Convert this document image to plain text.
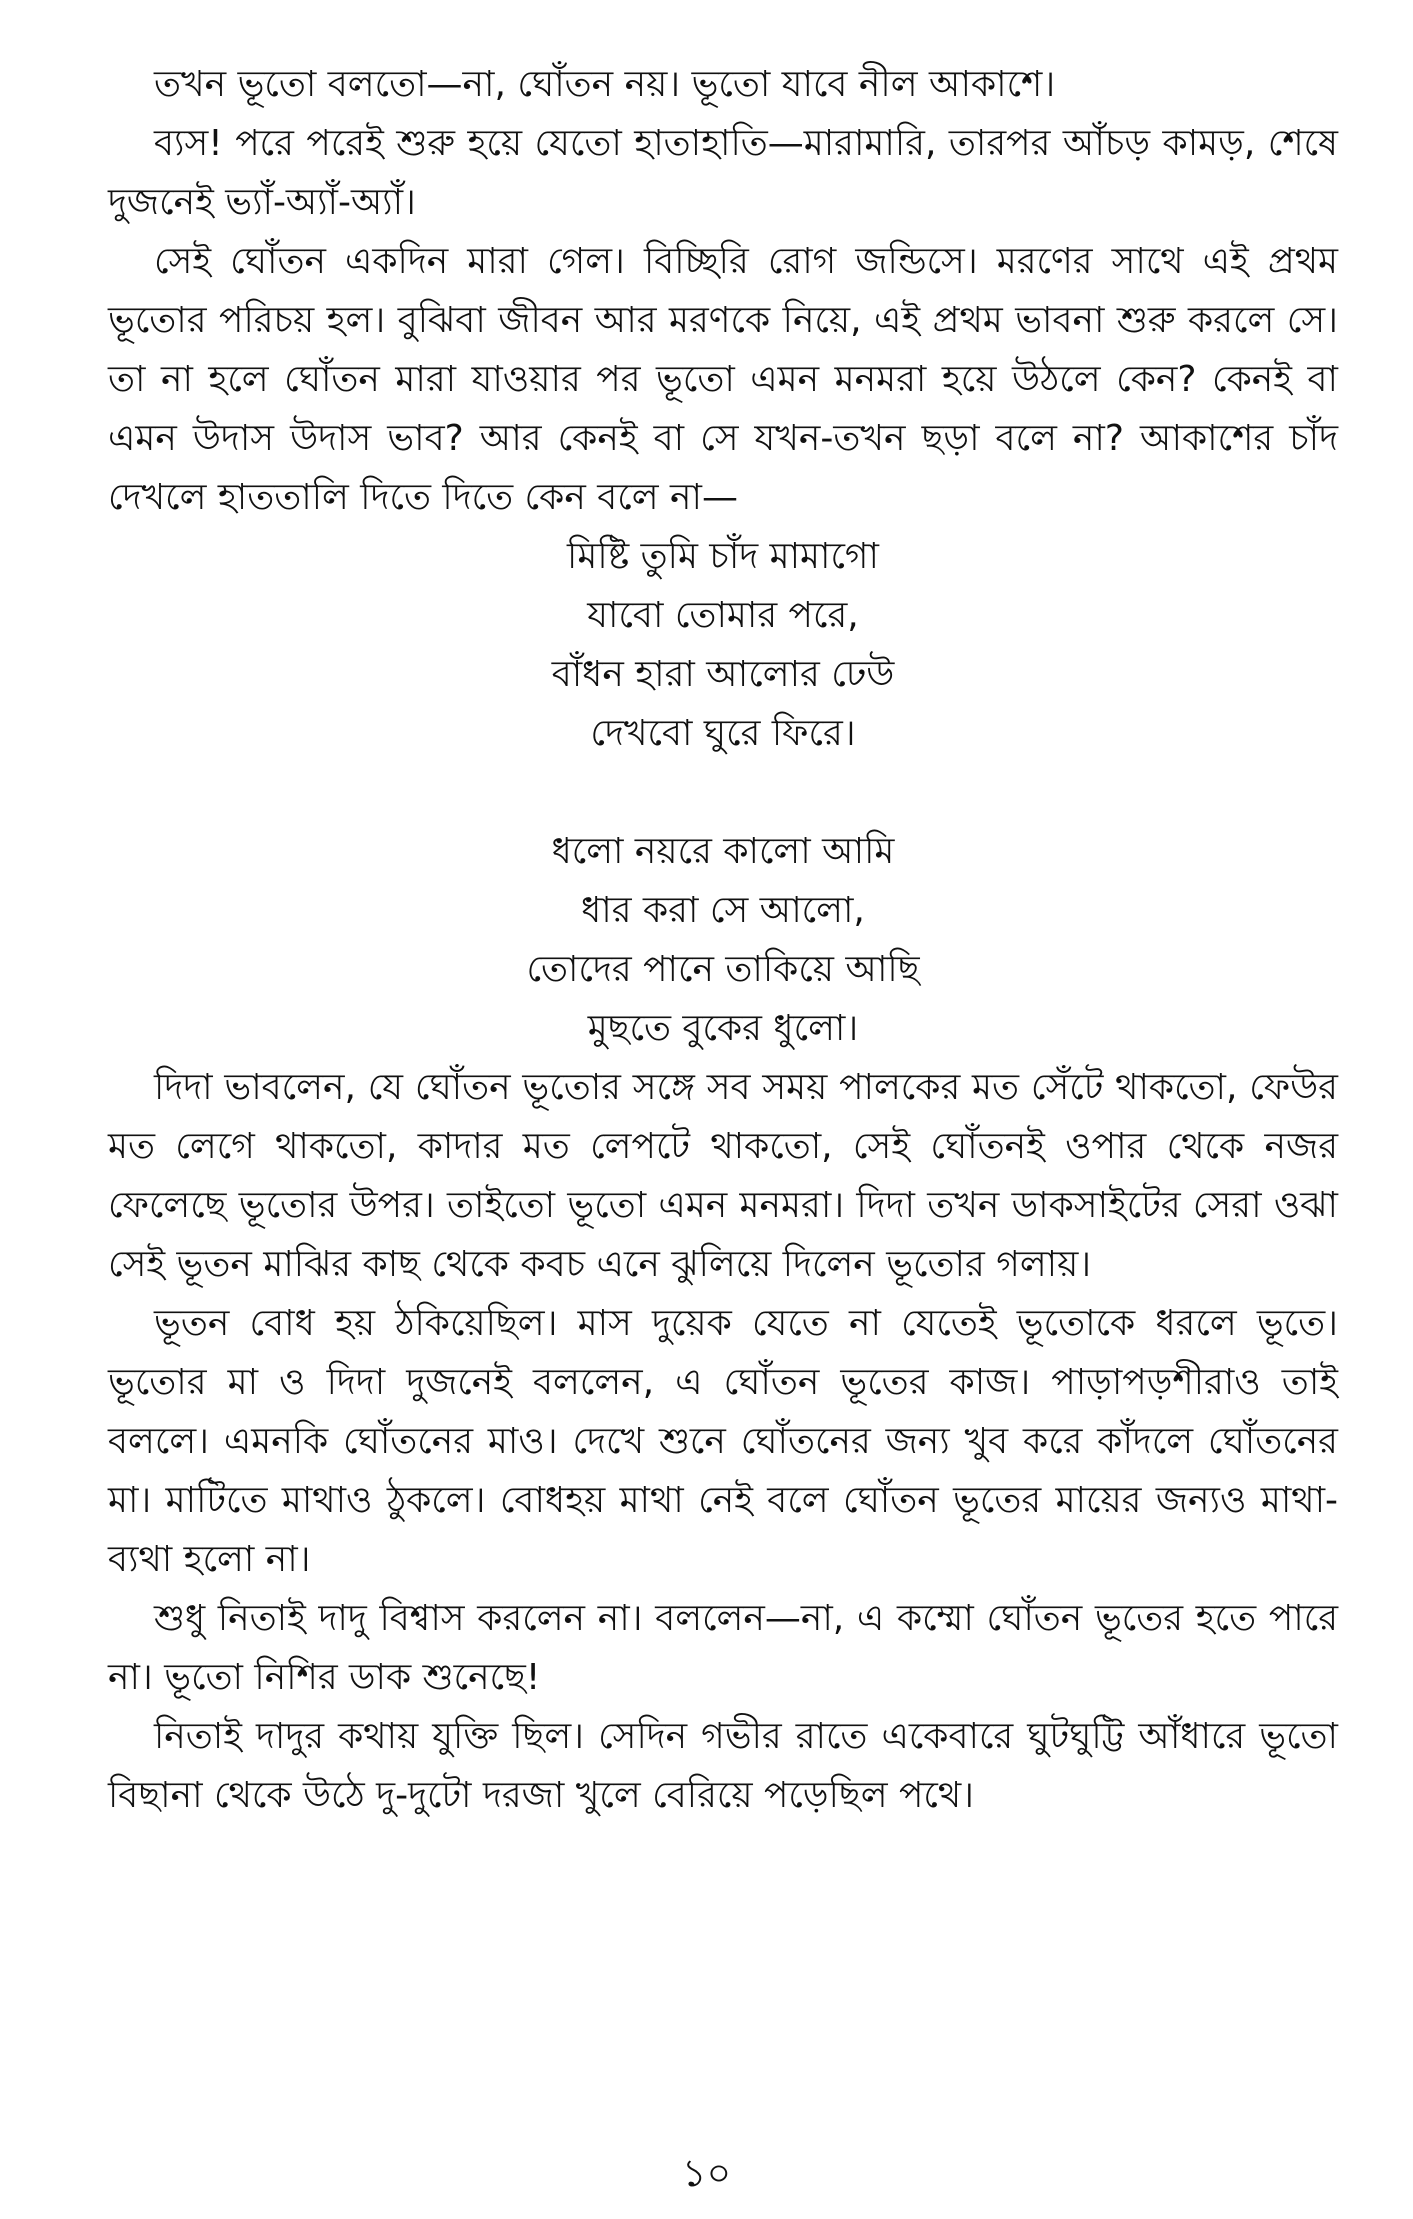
তখন ভূতো বলতো—না, ঘোঁতন নয়। ভূতো যাবে নীল আকাশে।

ব্যস! পরে পরেই শুরু হয়ে যেতো হাতাহাতি—মারামারি, তারপর আঁচড় কামড়, শেষে দুজনেই ভ্যাঁ-অ্যাঁ-অ্যাঁ।

সেই ঘোঁতন একদিন মারা গেল। বিচ্ছিরি রোগ জন্ডিসে। মরণের সাথে এই প্রথম ভূতোর পরিচয় হল। বুঝিবা জীবন আর মরণকে নিয়ে, এই প্রথম ভাবনা শুরু করলে সে। তা না হলে ঘোঁতন মারা যাওয়ার পর ভূতো এমন মনমরা হয়ে উঠলে কেন? কেনই বা এমন উদাস উদাস ভাব? আর কেনই বা সে যখন-তখন ছড়া বলে না? আকাশের চাঁদ দেখলে হাততালি দিতে দিতে কেন বলে না—

মিষ্টি তুমি চাঁদ মামাগো
যাবো তোমার পরে,
বাঁধন হারা আলোর ঢেউ
দেখবো ঘুরে ফিরে।
ধলো নয়রে কালো আমি
ধার করা সে আলো,
তোদের পানে তাকিয়ে আছি
মুছতে বুকের ধুলো।

দিদা ভাবলেন, যে ঘোঁতন ভূতোর সঙ্গে সব সময় পালকের মত সেঁটে থাকতো, ফেউর মত লেগে থাকতো, কাদার মত লেপটে থাকতো, সেই ঘোঁতনই ওপার থেকে নজর ফেলেছে ভূতোর উপর। তাইতো ভূতো এমন মনমরা। দিদা তখন ডাকসাইটের সেরা ওঝা সেই ভূতন মাঝির কাছ থেকে কবচ এনে ঝুলিয়ে দিলেন ভূতোর গলায়।

ভূতন বোধ হয় ঠকিয়েছিল। মাস দুয়েক যেতে না যেতেই ভূতোকে ধরলে ভূতে। ভূতোর মা ও দিদা দুজনেই বললেন, এ ঘোঁতন ভূতের কাজ। পাড়াপড়শীরাও তাই বললে। এমনকি ঘোঁতনের মাও। দেখে শুনে ঘোঁতনের জন্য খুব করে কাঁদলে ঘোঁতনের মা। মাটিতে মাথাও ঠুকলে। বোধহয় মাথা নেই বলে ঘোঁতন ভূতের মায়ের জন্যও মাথা-ব্যথা হলো না।

শুধু নিতাই দাদু বিশ্বাস করলেন না। বললেন—না, এ কম্মো ঘোঁতন ভূতের হতে পারে না। ভূতো নিশির ডাক শুনেছে!

নিতাই দাদুর কথায় যুক্তি ছিল। সেদিন গভীর রাতে একেবারে ঘুটঘুট্টি আঁধারে ভূতো বিছানা থেকে উঠে দু-দুটো দরজা খুলে বেরিয়ে পড়েছিল পথে।

১০
